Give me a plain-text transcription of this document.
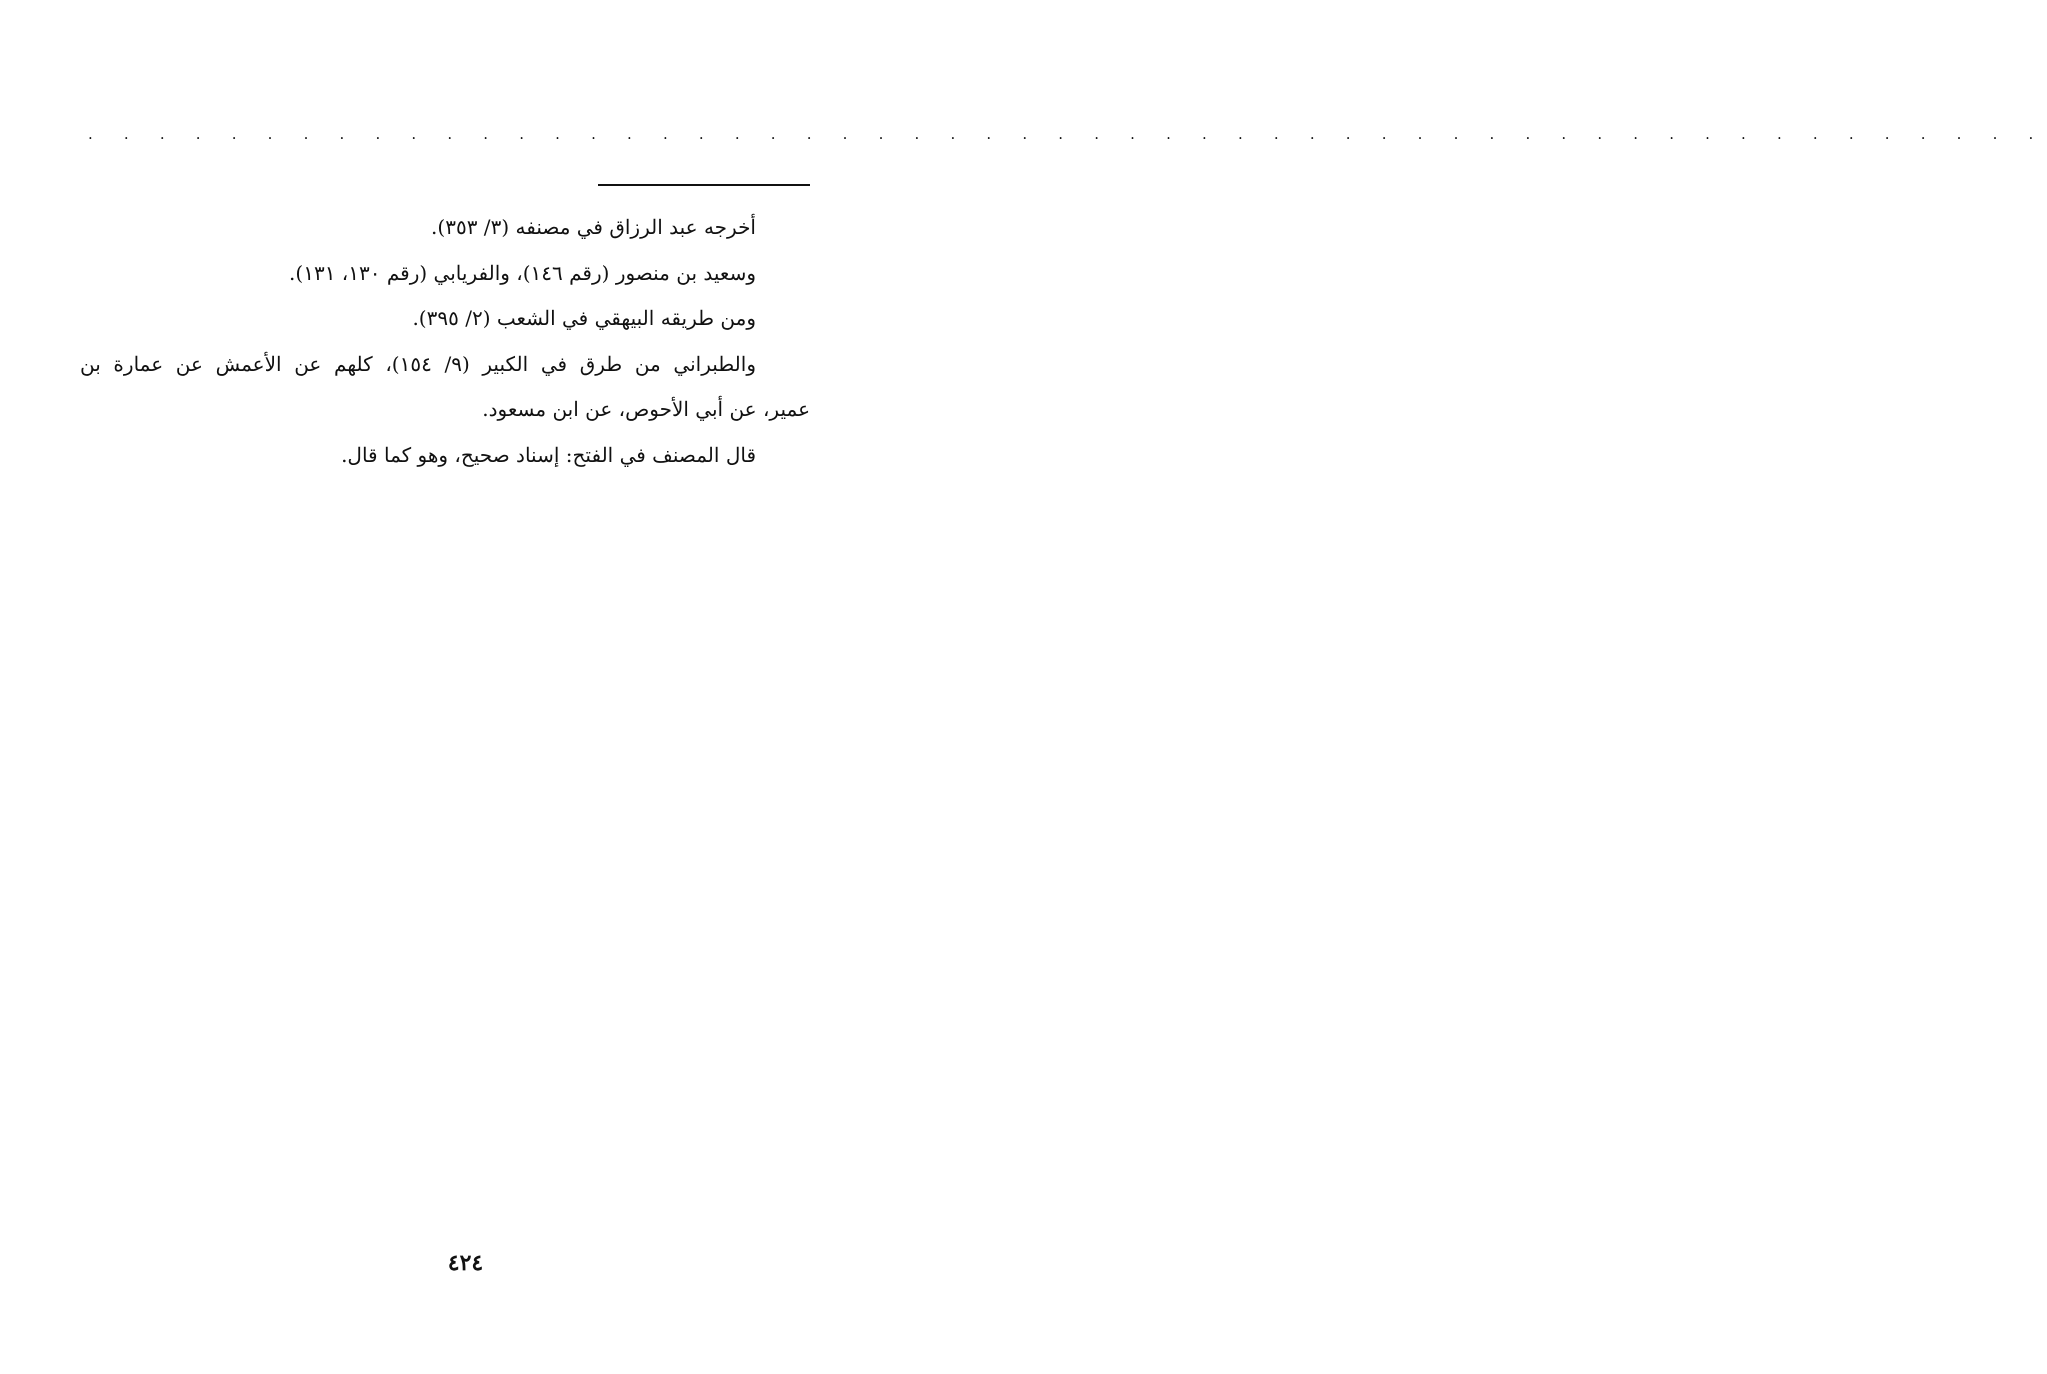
. . . . . . . . . . . . . . . . . . . . . . . . . . . . . . . . . . . . . . . . . . . . . . . . . . . . . . .

أخرجه عبد الرزاق في مصنفه (٣/ ٣٥٣).

وسعيد بن منصور (رقم ١٤٦)، والفريابي (رقم ١٣٠، ١٣١).

ومن طريقه البيهقي في الشعب (٢/ ٣٩٥).

والطبراني من طرق في الكبير (٩/ ١٥٤)، كلهم عن الأعمش عن عمارة بن

عمير، عن أبي الأحوص، عن ابن مسعود.

قال المصنف في الفتح: إسناد صحيح، وهو كما قال.

٤٢٤
